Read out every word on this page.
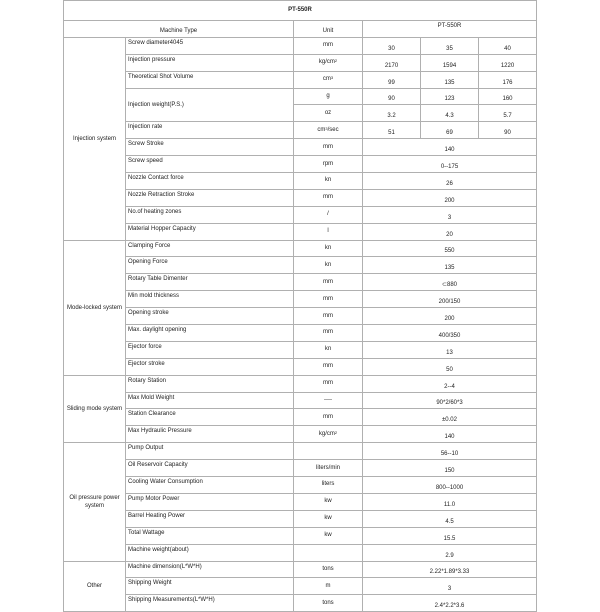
PT-550R					
Machine Type		Unit	PT-550R		
Injection system	Screw diameter4045	mm	30	35	40
	Injection pressure	$kg/cm^2$	2170	1594	1220
	Theoretical Shot Volume	$cm^3$	99	135	176
	Injection weight(P.S.)	g	90	123	160
		oz	3.2	4.3	5.7
	Injection rate	$cm^3/\sec$	51	69	90
	Screw Stroke	mm	140		
	Screw speed	rpm	0--175		
	Nozzle Contact force	kn	26		
	Nozzle Retraction Stroke	mm	200		
	No.of heating zones	/	3		
	Material Hopper Capacity	l	20		
Mode-locked system	Clamping Force	kn	550		
	Opening Force	kn	135		
	Rotary Table Dimenter	mm	⊂880		
	Min mold thickness	mm	200/150		
	Opening stroke	mm	200		
	Max. daylight opening	mm	400/350		
	Ejector force	kn	13		
	Ejector stroke	mm	50		
Sliding mode system	Rotary Station	mm	2--4		
	Max Mold Weight	----	90*2/60*3		
	Station Clearance	mm	±0.02		
	Max Hydraulic Pressure	$kg/cm^2$	140		
Oil pressure power system	Pump Output		56--10		
	Oil Reservoir Capacity	liters/min	150		
	Cooling Water Consumption	liters	800--1000		
	Pump Motor Power	kw	11.0		
	Barrel Heating Power	kw	4.5		
	Total Wattage	kw	15.5		
	Machine weight(about)		2.9		
Other	Machine dimension(L*W*H)	tons	2.22*1.89*3.33		
	Shipping Weight	m	3		
	Shipping Measurements(L*W*H)	tons	2.4*2.2*3.6		
